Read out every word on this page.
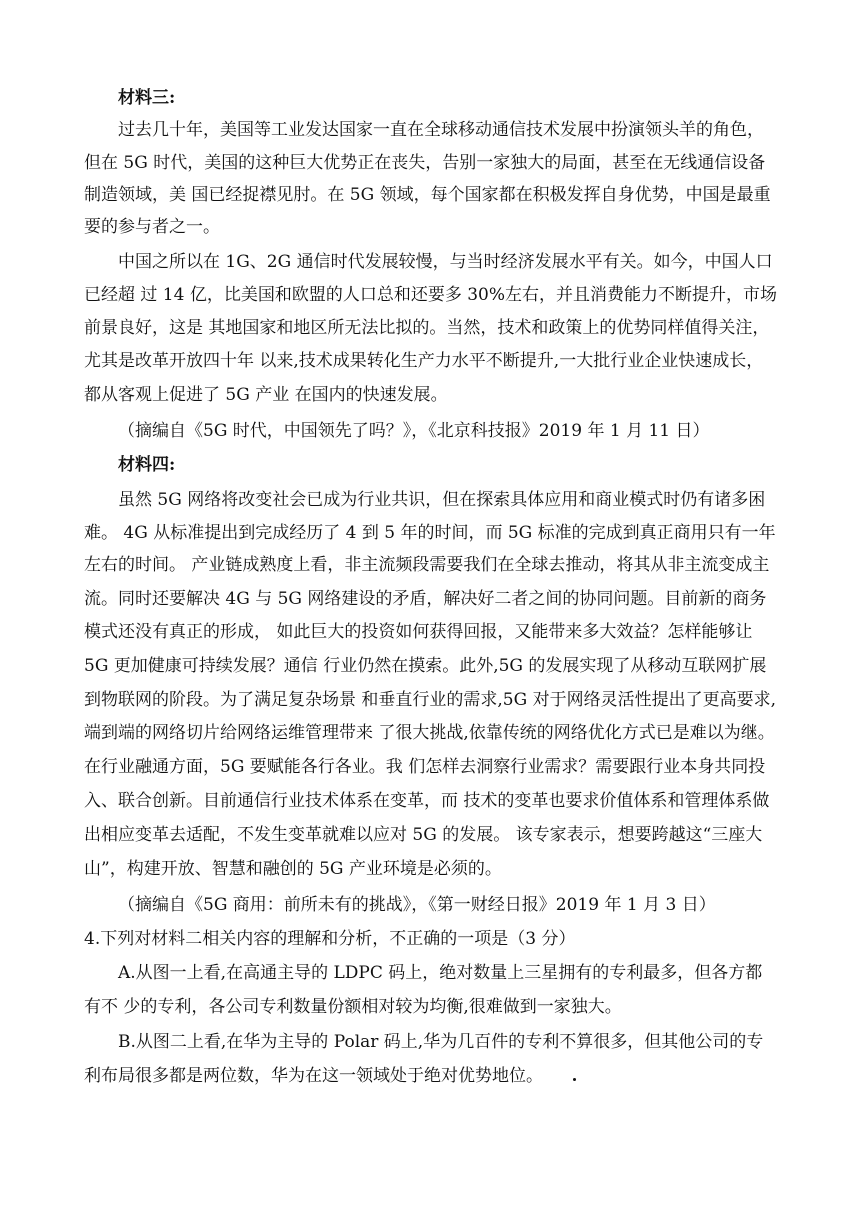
材料三:
过去几十年，美国等工业发达国家一直在全球移动通信技术发展中扮演领头羊的角色，
但在 5G 时代，美国的这种巨大优势正在丧失，告别一家独大的局面，甚至在无线通信设备
制造领域，美 国已经捉襟见肘。在 5G 领域，每个国家都在积极发挥自身优势，中国是最重
要的参与者之一。
中国之所以在 1G、2G 通信时代发展较慢，与当时经济发展水平有关。如今，中国人口
已经超 过 14 亿，比美国和欧盟的人口总和还要多 30%左右，并且消费能力不断提升，市场
前景良好，这是 其地国家和地区所无法比拟的。当然，技术和政策上的优势同样值得关注，
尤其是改革开放四十年 以来,技术成果转化生产力水平不断提升,一大批行业企业快速成长，
都从客观上促进了 5G 产业 在国内的快速发展。
（摘编自《5G 时代，中国领先了吗？》，《北京科技报》2019 年 1 月 11 日）
材料四:
虽然 5G 网络将改变社会已成为行业共识，但在探索具体应用和商业模式时仍有诸多困
难。 4G 从标准提出到完成经历了 4 到 5 年的时间，而 5G 标准的完成到真正商用只有一年
左右的时间。 产业链成熟度上看，非主流频段需要我们在全球去推动，将其从非主流变成主
流。同时还要解决 4G 与 5G 网络建设的矛盾，解决好二者之间的协同问题。目前新的商务
模式还没有真正的形成， 如此巨大的投资如何获得回报，又能带来多大效益？怎样能够让
5G 更加健康可持续发展？通信 行业仍然在摸索。此外,5G 的发展实现了从移动互联网扩展
到物联网的阶段。为了满足复杂场景 和垂直行业的需求,5G 对于网络灵活性提出了更高要求,
端到端的网络切片给网络运维管理带来 了很大挑战,依靠传统的网络优化方式已是难以为继。
在行业融通方面，5G 要赋能各行各业。我 们怎样去洞察行业需求？需要跟行业本身共同投
入、联合创新。目前通信行业技术体系在变革，而 技术的变革也要求价值体系和管理体系做
出相应变革去适配，不发生变革就难以应对 5G 的发展。 该专家表示，想要跨越这“三座大
山”，构建开放、智慧和融创的 5G 产业环境是必须的。
（摘编自《5G 商用：前所未有的挑战》，《第一财经日报》2019 年 1 月 3 日）
4.下列对材料二相关内容的理解和分析，不正确的一项是（3 分）
A.从图一上看,在高通主导的 LDPC 码上，绝对数量上三星拥有的专利最多，但各方都
有不 少的专利，各公司专利数量份额相对较为均衡,很难做到一家独大。
B.从图二上看,在华为主导的 Polar 码上,华为几百件的专利不算很多，但其他公司的专
利布局很多都是两位数，华为在这一领域处于绝对优势地位。
